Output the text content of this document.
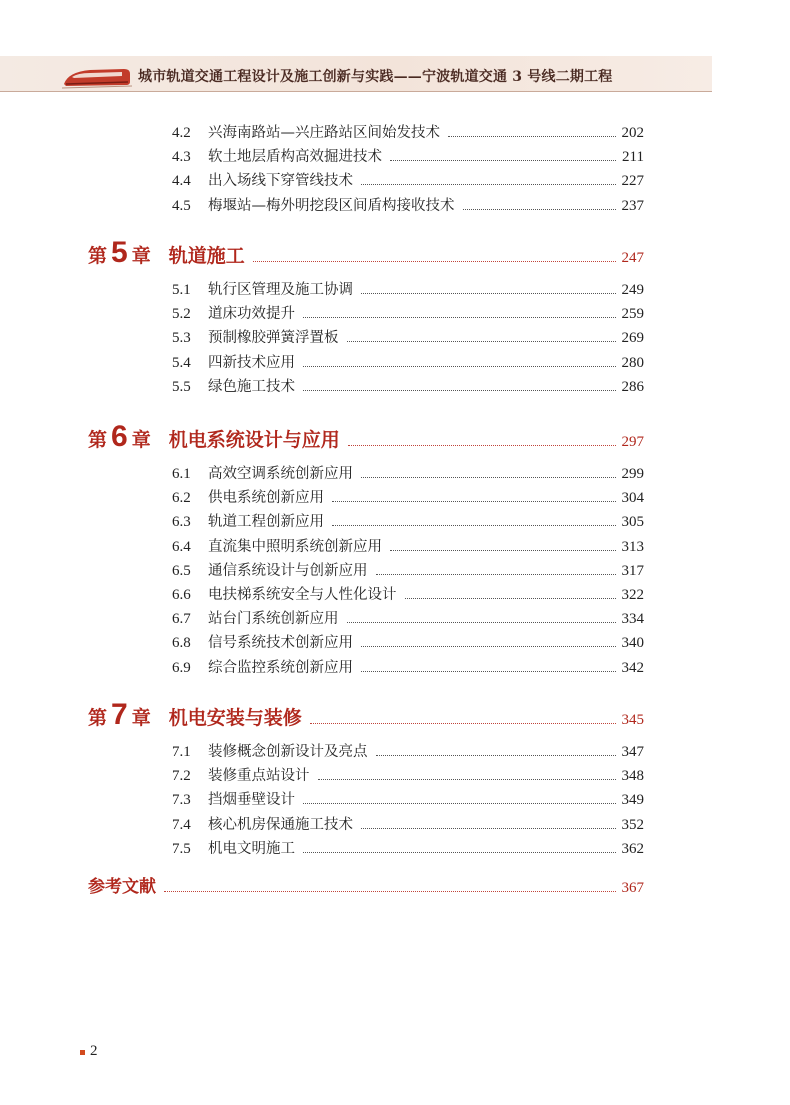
城市轨道交通工程设计及施工创新与实践——宁波轨道交通 3 号线二期工程
4.2	兴海南路站—兴庄路站区间始发技术	202
4.3	软土地层盾构高效掘进技术	211
4.4	出入场线下穿管线技术	227
4.5	梅堰站—梅外明挖段区间盾构接收技术	237
第 5 章 轨道施工	247
5.1	轨行区管理及施工协调	249
5.2	道床功效提升	259
5.3	预制橡胶弹簧浮置板	269
5.4	四新技术应用	280
5.5	绿色施工技术	286
第 6 章 机电系统设计与应用	297
6.1	高效空调系统创新应用	299
6.2	供电系统创新应用	304
6.3	轨道工程创新应用	305
6.4	直流集中照明系统创新应用	313
6.5	通信系统设计与创新应用	317
6.6	电扶梯系统安全与人性化设计	322
6.7	站台门系统创新应用	334
6.8	信号系统技术创新应用	340
6.9	综合监控系统创新应用	342
第 7 章 机电安装与装修	345
7.1	装修概念创新设计及亮点	347
7.2	装修重点站设计	348
7.3	挡烟垂壁设计	349
7.4	核心机房保通施工技术	352
7.5	机电文明施工	362
参考文献	367
2
